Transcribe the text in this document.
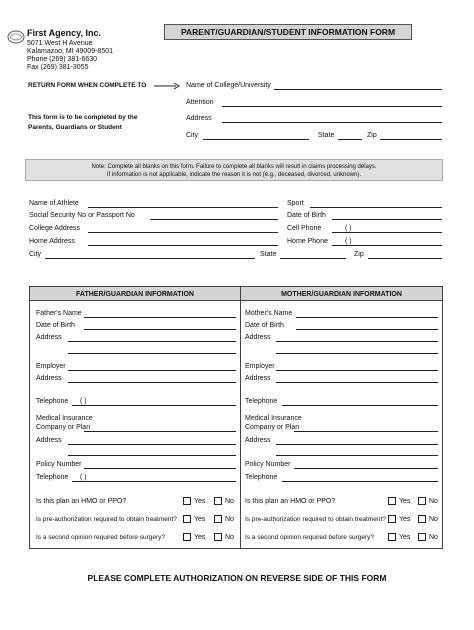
First Agency, Inc.
5071 West H Avenue
Kalamazoo, MI 49009-8501
Phone (269) 381-6630
Fax (269) 381-3055
PARENT/GUARDIAN/STUDENT INFORMATION FORM
RETURN FORM WHEN COMPLETE TO	Name of College/University
This form is to be completed by the
Parents, Guardians or Student
Attention
Address
City	State	Zip
Note: Complete all blanks on this form. Failure to complete all blanks will result in claims processing delays.
If information is not applicable, indicate the reason it is not (e.g., deceased, divorced, unknown).
Name of Athlete	Sport
Social Security No or Passport No	Date of Birth
College Address	Cell Phone	( )
Home Address	Home Phone ( )
City	State	Zip
FATHER/GUARDIAN INFORMATION	MOTHER/GUARDIAN INFORMATION
Father's Name
Date of Birth
Address
Employer
Address
Telephone ( )
Medical Insurance
Company or Plan
Address
Policy Number
Telephone ( )
Mother's Name
Date of Birth
Address
Employer
Address
Telephone
Medical Insurance
Company or Plan
Address
Policy Number
Telephone
Is this plan an HMO or PPO?	Yes	No
Is pre-authorization required to obtain treatment? Yes	No
Is a second opinion required before surgery?	Yes	No
Is this plan an HMO or PPO?	Yes	No
Is pre-authorization required to obtain treatment? Yes	No
Is a second opinion required before surgery?	Yes	No
PLEASE COMPLETE AUTHORIZATION ON REVERSE SIDE OF THIS FORM
